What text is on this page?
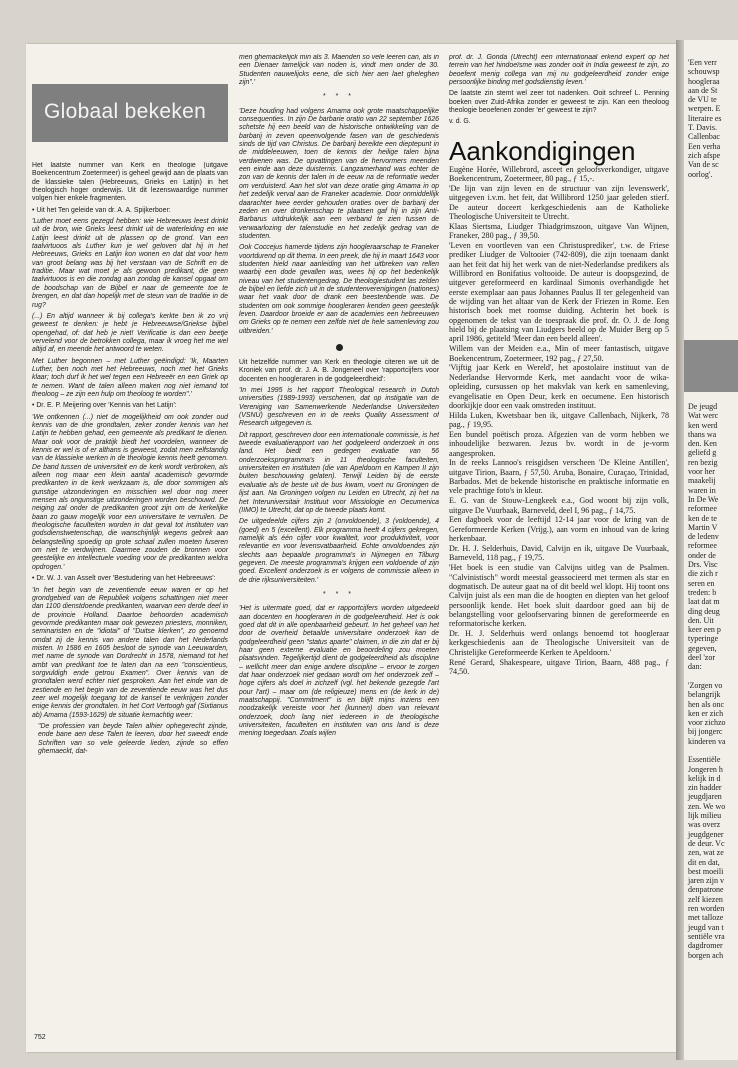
Globaal bekeken

Het laatste nummer van Kerk en theologie (uitgave Boekencentrum Zoetermeer) is geheel gewijd aan de plaats van de klassieke talen (Hebreeuws, Grieks en Latijn) in het theologisch hoger onderwijs. Uit dit lezenswaardige nummer volgen hier enkele fragmenten.

• Uit het Ten geleide van dr. A. A. Spijkerboer:

'Luther moet eens gezegd hebben: wie Hebreeuws leest drinkt uit de bron, wie Grieks leest drinkt uit de waterleiding en wie Latijn leest drinkt uit de plassen op de grond. Van een taalvirtuoos als Luther kun je wel geloven dat hij in het Hebreeuws, Grieks en Latijn kon wonen en dat dat voor hem van groot belang was bij het verstaan van de Schrift en de traditie. Maar wat moet je als gewoon predikant, die geen taalvirtuoos is en die zondag aan zondag de kansel opgaat om de boodschap van de Bijbel er naar de gemeente toe te brengen, en dat dan hopelijk met de steun van de traditie in de rug?

(...) En altijd wanneer ik bij collega's kerkte ben ik zo vrij geweest te denken: je hebt je Hebreeuwse/Griekse bijbel opengehad, of: dat heb je niet! Verificatie is dan een beetje vervelend voor de betrokken collega, maar ik vroeg het me wel altijd af, en meende het antwoord te weten.

Met Luther begonnen – met Luther geëindigd: 'Ik, Maarten Luther, ben noch met het Hebreeuws, noch met het Grieks klaar; toch durf ik het wel tegen een Hebreeër en een Griek op te nemen. Want de talen alleen maken nog niet iemand tot theoloog – ze zijn een hulp om theoloog te worden''.'

• Dr. E. P. Meijering over 'Kennis van het Latijn':

'We ontkennen (...) niet de mogelijkheid om ook zonder oud kennis van de drie grondtalen, zeker zonder kennis van het Latijn te hebben gehad, een gemeente als predikant te dienen. Maar ook voor de praktijk biedt het voordelen, wanneer de kennis er wel is of er althans is geweest, zodat men zelfstandig van de klassieke werken in de theologie kennis heeft genomen. De band tussen de universiteit en de kerk wordt verbroken, als alleen nog maar een klein aantal academisch gevormde predikanten in de kerk werkzaam is, die door sommigen als gunstige uitzonderingen en misschien wel door nog meer mensen als ongunstige uitzonderingen worden beschouwd. De neiging zal onder de predikanten groot zijn om de kerkelijke baan zo gauw mogelijk voor een universitaire te verruilen. De theologische faculteiten worden in dat geval tot instituten van godsdienstwetenschap, die wanschijnlijk wegens gebrek aan belangstelling spoedig op grote schaal zullen moeten fuseren om niet te verdwijnen. Daarmee zouden de bronnen voor geestelijke en intellectuele voeding voor de predikanten weldra opdrogen.'

• Dr. W. J. van Asselt over 'Bestudering van het Hebreeuws':

'In het begin van de zeventiende eeuw waren er op het grondgebied van de Republiek volgens schattingen niet meer dan 1100 dienstdoende predikanten, waarvan een derde deel in de provincie Holland. Daartoe behoorden academisch gevormde predikanten maar ook gewezen priesters, monniken, seminaristen en de "idiotai" of "Duitse klerken", zo genoemd omdat zij de kennis van andere talen dan het Nederlands misten. In 1586 en 1605 besloot de synode van Leeuwarden, met name de synode van Dordrecht in 1578, niemand tot het ambt van predikant toe te laten dan na een "conscientieus, sorgvuldigh ende getrou Examen". Over kennis van de grondtalen werd echter niet gesproken. Aan het einde van de zestiende en het begin van de zeventiende eeuw was het dus zeer wel mogelijk toegang tot de kansel te verkrijgen zonder enige kennis der grondtalen. In het Cort Vertoogh gaf (Sixtianus ab) Amama (1593-1629) de situatie kernachtig weer:

"De professien van beyde Talen alhier ophegerecht zijnde, ende bane aen dese Talen te leeren, door het sweedt ende Schriften van so vele geleerde lieden, zijnde so effen ghemaeckt, dat-

men ghemackelijck min als 3. Maenden so vele leeren can, als in een Dienaer tamelijck van noden is, vindt men onder de 30. Studenten nauwelijcks eene, die sich hier aen laet gheleghen zijn".'

* * *

'Deze houding had volgens Amama ook grote maatschappelijke consequenties. In zijn De barbarie oratio van 22 september 1626 schetste hij een beeld van de historische ontwikkeling van de barbarij in zeven opeenvolgende fasen van de geschiedenis sinds de tijd van Christus. De barbarij bereikte een dieptepunt in de middeleeuwen, toen de kennis der heilige talen bijna verdwenen was. De opvattingen van de hervormers meenden een einde aan deze duisternis. Langzamerhand was echter de zon van de kennis der talen in de eeuw na de reformatie weder om verduisterd. Aan het slot van deze oratie ging Amama in op het zedelijk verval aan de Franeker academie. Door onmiddellijk daarachter twee eerder gehouden oraties over de barbarij der zeden en over dronkenschap te plaatsen gaf hij in zijn Anti-Barbarus uitdrukkelijk aan een verband te zien tussen de verwaarlozing der talenstudie en het zedelijk gedrag van de studenten.

Ook Coccejus hamerde tijdens zijn hoogleraarschap te Franeker voortdurend op dit thema. In een preek, die hij in maart 1643 voor studenten hield naar aanleiding van het uitbreken van rellen waarbij een dode gevallen was, wees hij op het bedenkelijk niveau van het studentengedrag. De theologiestudent las zelden de bijbel en liefde zich uit in de studentenverenigingen (nationes) waar het vaak door de drank een beestenbende was. De studenten om ook sommige hoogleraren kenden geen geestelijk leven. Daardoor broeide er aan de academies een hebreeuwen om Grieks op te nemen een zelfde niet de hele samenleving zou uitbreiden.'

Uit hetzelfde nummer van Kerk en theologie citeren we uit de Kroniek van prof. dr. J. A. B. Jongeneel over 'rapportcijfers voor docenten en hoogleraren in de godgeleerdheid':

'In mei 1995 is het rapport Theological research in Dutch universities (1989-1993) verschenen, dat op instigatie van de Vereniging van Samenwerkende Nederlandse Universiteiten (VSNU) geschreven en in de reeks Quality Assessment of Research uitgegeven is.

Dit rapport, geschreven door een internationale commissie, is het tweede evaluatierapport van het godgeleerd onderzoek in ons land. Het biedt een gedegen evaluatie van 56 onderzoeksprogramma's in 11 theologische faculteiten, universiteiten en instituten (die van Apeldoorn en Kampen II zijn buiten beschouwing gelaten). Terwijl Leiden bij de eerste evaluatie als de beste uit de bus kwam, voert nu Groningen de lijst aan. Na Groningen volgen nu Leiden en Utrecht, zij het na het Interuniversitair Instituut voor Missiologie en Oecumenica (IIMO) te Utrecht, dat op de tweede plaats komt.

De uitgedeelde cijfers zijn 2 (onvoldoende), 3 (voldoende), 4 (goed) en 5 (excellent). Elk programma heeft 4 cijfers gekregen, namelijk als één cijfer voor kwaliteit, voor produktiviteit, voor relevantie en voor levensvatbaarheid. Echte onvoldoendes zijn slechts aan bepaalde programma's in Nijmegen en Tilburg gegeven. De meeste programma's krijgen een voldoende of zijn goed. Excellent onderzoek is er volgens de commissie alleen in de drie rijksuniversiteiten.'

* * *

'Het is uitermate goed, dat er rapportcijfers worden uitgedeeld aan docenten en hoogleraren in de godgeleerdheid. Het is ook goed dat dit in alle openbaarheid gebeurt. In het geheel van het door de overheid betaalde universitaire onderzoek kan de godgeleerdheid geen "status aparte" claimen, in die zin dat er bij haar geen externe evaluatie en beoordeling zou moeten plaatsvinden. Tegelijkertijd dient de godgeleerdheid als discipline – wellicht meer dan enige andere discipline – ervoor te zorgen dat haar onderzoek niet gedaan wordt om het onderzoek zelf – hoge cijfers als doel in zichzelf (vgl. het bekende gezegde l'art pour l'art) – maar om (de religieuze) mens en (de kerk in de) maatschappij. "Commitment" is en blijft mijns inziens een noodzakelijk vereiste voor het (kunnen) doen van relevant onderzoek, doch lang niet iedereen in de theologische universiteiten, faculteiten en instituten van ons land is deze mening toegedaan. Zoals wijlen

prof. dr. J. Gonda (Utrecht) een internationaal erkend expert op het terrein van het hindoeïsme was zonder ooit in India geweest te zijn, zo beoefent menig collega van mij nu godgeleerdheid zonder enige persoonlijke binding met godsdienstig leven.'

De laatste zin stemt wel zeer tot nadenken. Ooit schreef L. Penning boeken over Zuid-Afrika zonder er geweest te zijn. Kan een theoloog theologie beoefenen zonder 'er' geweest te zijn?

v. d. G.

Aankondigingen

Eugène Horée, Willebrord, asceet en geloofsverkondiger, uitgave Boekencentrum, Zoetermeer, 80 pag., ƒ 15,-.

'De lijn van zijn leven en de structuur van zijn levenswerk', uitgegeven i.v.m. het feit, dat Willibrord 1250 jaar geleden stierf. De auteur doceert kerkgeschiedenis aan de Katholieke Theologische Universiteit te Utrecht.

Klaas Siertsma, Liudger Thiadgrimszoon, uitgave Van Wijnen, Franeker, 280 pag., ƒ 39,50.

'Leven en voortleven van een Christusprediker', t.w. de Friese prediker Liudger de Voltooier (742-809), die zijn toenaam dankt aan het feit dat hij het werk van de niet-Nederlandse predikers als Willibrord en Bonifatius voltooide. De auteur is doopsgezind, de uitgever gereformeerd en kardinaal Simonis overhandigde het eerste exemplaar aan paus Johannes Paulus II ter gelegenheid van de wijding van het altaar van de Kerk der Friezen in Rome. Een historisch boek met roomse duiding. Achterin het boek is opgenomen de tekst van de toespraak die prof. dr. O. J. de Jong hield bij de plaatsing van Liudgers beeld op de Muider Berg op 5 april 1986, getiteld 'Meer dan een beeld alleen'.

Willem van der Meiden e.a., Min of meer fantastisch, uitgave Boekencentrum, Zoetermeer, 192 pag., ƒ 27,50.

'Vijftig jaar Kerk en Wereld', het apostolaire instituut van de Nederlandse Hervormde Kerk, met aandacht voor de wika-opleiding, cursussen op het makvlak van kerk en samenleving, evangelisatie en Open Deur, kerk en oecumene. Een historisch doorkijkje door een vaak omstreden instituut.

Hilda Luken, Kwetsbaar ben ik, uitgave Callenbach, Nijkerk, 78 pag., ƒ 19,95.

Een bundel poëtisch proza. Afgezien van de vorm hebben we inhoudelijke bezwaren. Jezus bv. wordt in de je-vorm aangesproken.

In de reeks Lannoo's reisgidsen verscheen 'De Kleine Antillen', uitgave Tirion, Baarn, ƒ 57,50. Aruba, Bonaire, Curaçao, Trinidad, Barbados. Met de bekende historische en praktische informatie en vele prachtige foto's in kleur.

E. G. van de Stouw-Lengkeek e.a., God woont bij zijn volk, uitgave De Vuurbaak, Barneveld, deel I, 96 pag., ƒ 14,75.

Een dagboek voor de leeftijd 12-14 jaar voor de kring van de Gereformeerde Kerken (Vrijg.), aan vorm en inhoud van de kring herkenbaar.

Dr. H. J. Selderhuis, David, Calvijn en ik, uitgave De Vuurbaak, Barneveld, 118 pag., ƒ 19,75.

'Het boek is een studie van Calvijns uitleg van de Psalmen. "Calvinistisch" wordt meestal geassocieerd met termen als star en dogmatisch. De auteur gaat na of dit beeld wel klopt. Hij toont ons Calvijn juist als een man die de hoogten en diepten van het geloof persoonlijk kende. Het boek sluit daardoor goed aan bij de belangstelling voor geloofservaring binnen de gereformeerde en reformatorische kerken.

Dr. H. J. Selderhuis werd onlangs benoemd tot hoogleraar kerkgeschiedenis aan de Theologische Universiteit van de Christelijke Gereformeerde Kerken te Apeldoorn.'

René Gerard, Shakespeare, uitgave Tirion, Baarn, 488 pag., ƒ 74,50.

752
'Een verr
schouwsp
hoogleraa
aan de St
de VU te
werpen. E
literaire es
T. Davis.
Callenbac
Een verha
zich afspe
Van de sc
oorlog'.
De jeugd
Wat werc
ken werd
thans wa
den. Ken
geliefd g
ren bezig
voor her
maakelij
waren in
In De We
reformee
ken de te
Martin V
de ledenv
reformee
onder de
Drs. Visc
die zich r
seren en
treden: b
laat dat m
ding deug
den. Uit
keer een p
typeringe
gegeven,
deel 'zor
dan:

'Zorgen vo
belangrijk
hen als onc
ken er zich
voor zichzo
bij jongerc
kinderen va

Essentiële
Jongeren h
kelijk in d
zin hadder
jeugdjaren
zen. We wo
lijk milieu
was overz
jeugdgener
de deur. Vc
zen, wat ze
dit en dat,
best moeili
jaren zijn v
denpatrone
zelf kiezen
ren worden
met talloze
jeugd van t
sentiële vra
dagdromer
borgen ach
